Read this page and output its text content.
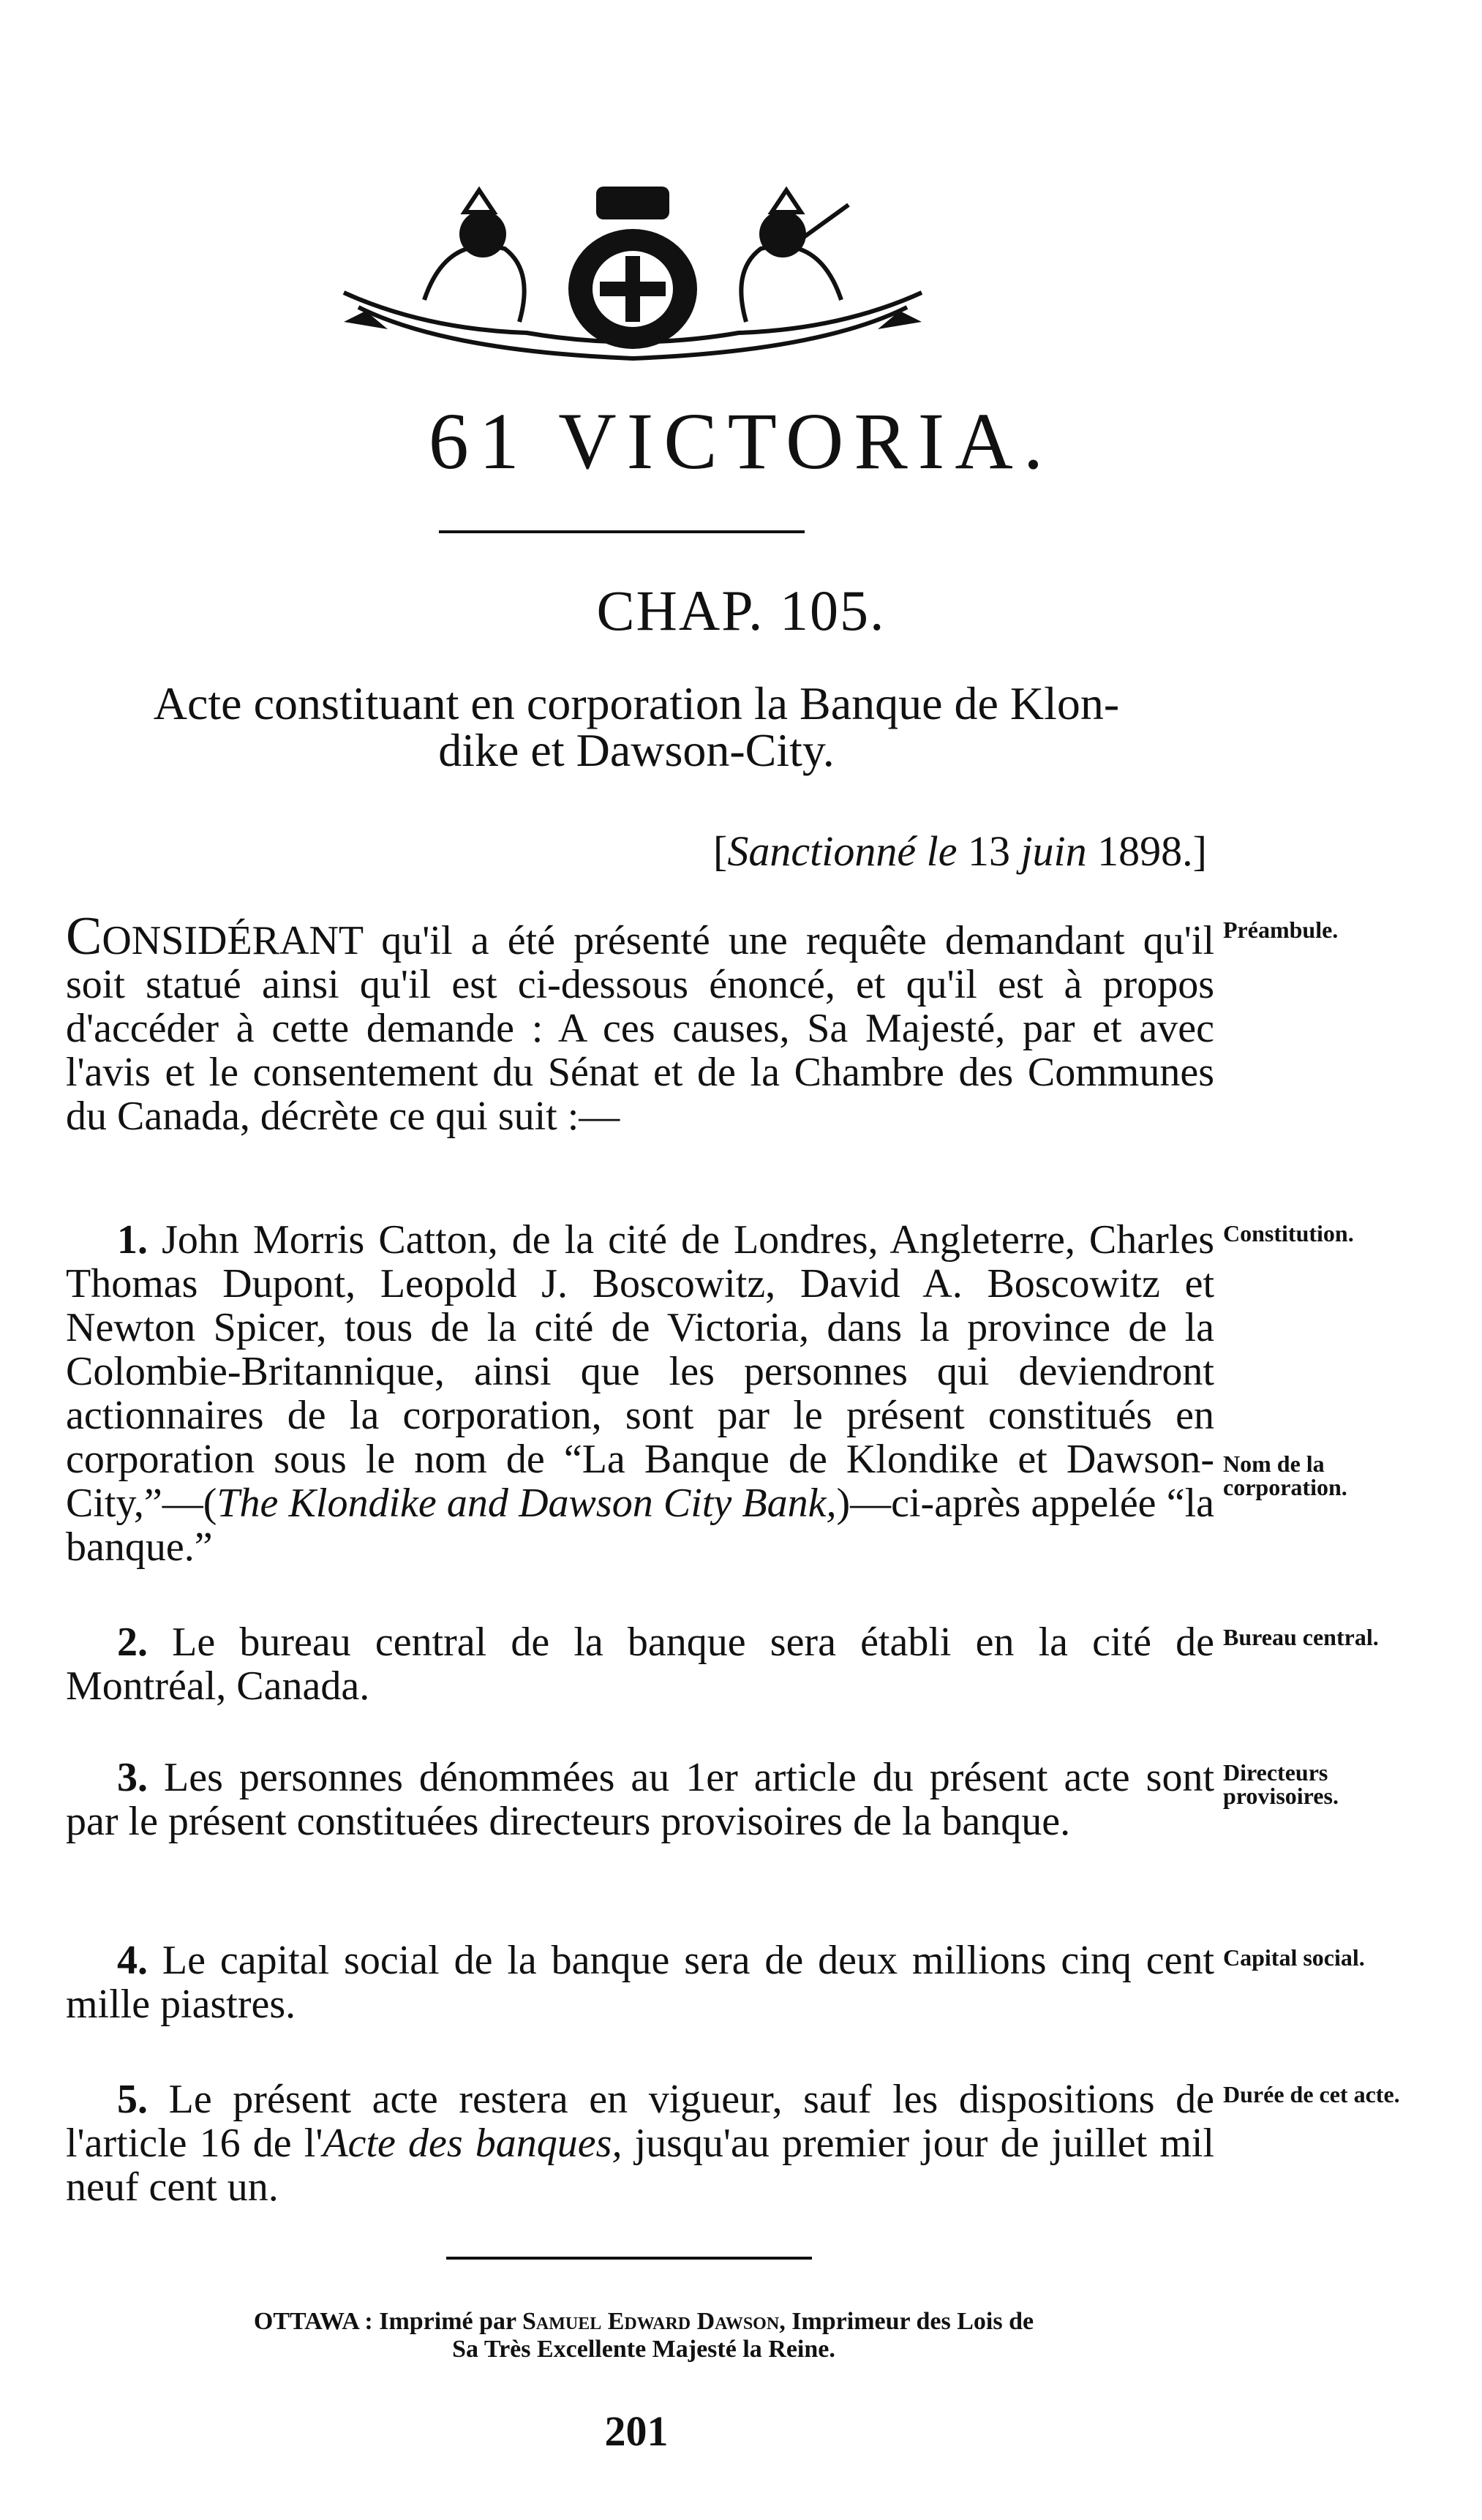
61 VICTORIA.
CHAP. 105.
Acte constituant en corporation la Banque de Klon-
dike et Dawson-City.
[Sanctionné le 13 juin 1898.]
CONSIDÉRANT qu'il a été présenté une requête demandant qu'il soit statué ainsi qu'il est ci-dessous énoncé, et qu'il est à propos d'accéder à cette demande : A ces causes, Sa Majesté, par et avec l'avis et le consentement du Sénat et de la Chambre des Communes du Canada, décrète ce qui suit :—
Préambule.
1. John Morris Catton, de la cité de Londres, Angleterre, Charles Thomas Dupont, Leopold J. Boscowitz, David A. Boscowitz et Newton Spicer, tous de la cité de Victoria, dans la province de la Colombie-Britannique, ainsi que les personnes qui deviendront actionnaires de la corporation, sont par le présent constitués en corporation sous le nom de “La Banque de Klondike et Dawson-City,”—(The Klondike and Dawson City Bank,)—ci-après appelée “la banque.”
Constitution.
Nom de la corporation.
2. Le bureau central de la banque sera établi en la cité de Montréal, Canada.
Bureau central.
3. Les personnes dénommées au 1er article du présent acte sont par le présent constituées directeurs provisoires de la banque.
Directeurs provisoires.
4. Le capital social de la banque sera de deux millions cinq cent mille piastres.
Capital social.
5. Le présent acte restera en vigueur, sauf les dispositions de l'article 16 de l'Acte des banques, jusqu'au premier jour de juillet mil neuf cent un.
Durée de cet acte.
OTTAWA : Imprimé par Samuel Edward Dawson, Imprimeur des Lois de
Sa Très Excellente Majesté la Reine.
201
